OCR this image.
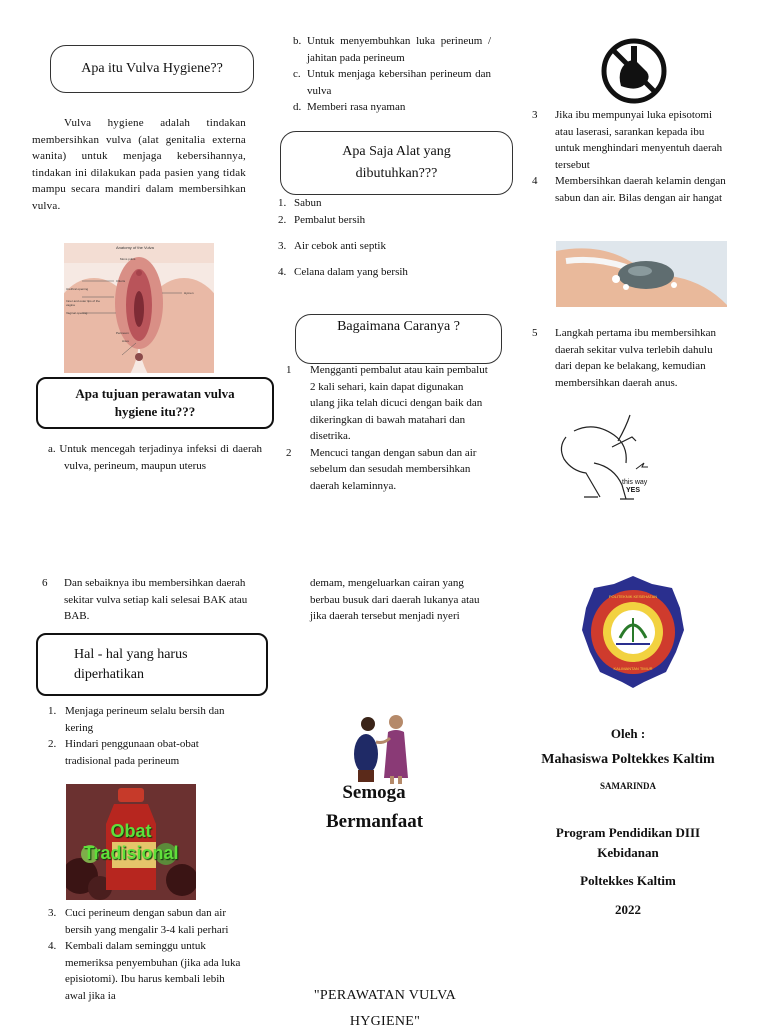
Apa itu Vulva Hygiene??
Vulva hygiene adalah tindakan membersihkan vulva (alat genitalia externa wanita) untuk menjaga kebersihannya, tindakan ini dilakukan pada pasien yang tidak mampu secara mandiri dalam membersihkan vulva.
Anatomy of the Vulva
Mons pubis
Clitoris
Urethral opening
Inner and outer lips of the vagina
Vaginal opening
Perineum
Anus
Hymen
Apa tujuan perawatan vulva hygiene itu???
a. Untuk mencegah terjadinya infeksi di daerah vulva, perineum, maupun uterus
6 Dan sebaiknya ibu membersihkan daerah sekitar vulva setiap kali selesai BAK atau BAB.
Hal - hal yang harus diperhatikan
1. Menjaga perineum selalu bersih dan kering
2. Hindari penggunaan obat-obat tradisional pada perineum
Obat Tradisional
3. Cuci perineum dengan sabun dan air bersih yang mengalir 3-4 kali perhari
4. Kembali dalam seminggu untuk memeriksa penyembuhan (jika ada luka episiotomi). Ibu harus kembali lebih awal jika ia
b. Untuk menyembuhkan luka perineum / jahitan pada perineum
c. Untuk menjaga kebersihan perineum dan vulva
d. Memberi rasa nyaman
Apa Saja Alat yang dibutuhkan???
1. Sabun
2. Pembalut bersih
3. Air cebok anti septik
4. Celana dalam yang bersih
Bagaimana Caranya ?
1 Mengganti pembalut atau kain pembalut 2 kali sehari, kain dapat digunakan ulang jika telah dicuci dengan baik dan dikeringkan di bawah matahari dan disetrika.
2 Mencuci tangan dengan sabun dan air sebelum dan sesudah membersihkan daerah kelaminnya.
demam, mengeluarkan cairan yang berbau busuk dari daerah lukanya atau jika daerah tersebut menjadi nyeri
Semoga Bermanfaat
"PERAWATAN VULVA HYGIENE"
3 Jika ibu mempunyai luka episotomi atau laserasi, sarankan kepada ibu untuk menghindari menyentuh daerah tersebut
4 Membersihkan daerah kelamin dengan sabun dan air. Bilas dengan air hangat
5 Langkah pertama ibu membersihkan daerah sekitar vulva terlebih dahulu dari depan ke belakang, kemudian membersihkan daerah anus.
this way
YES
POLITEKNIK KESEHATAN
KALIMANTAN TIMUR
Oleh :
Mahasiswa Poltekkes Kaltim
SAMARINDA
Program Pendidikan DIII Kebidanan
Poltekkes Kaltim
2022
